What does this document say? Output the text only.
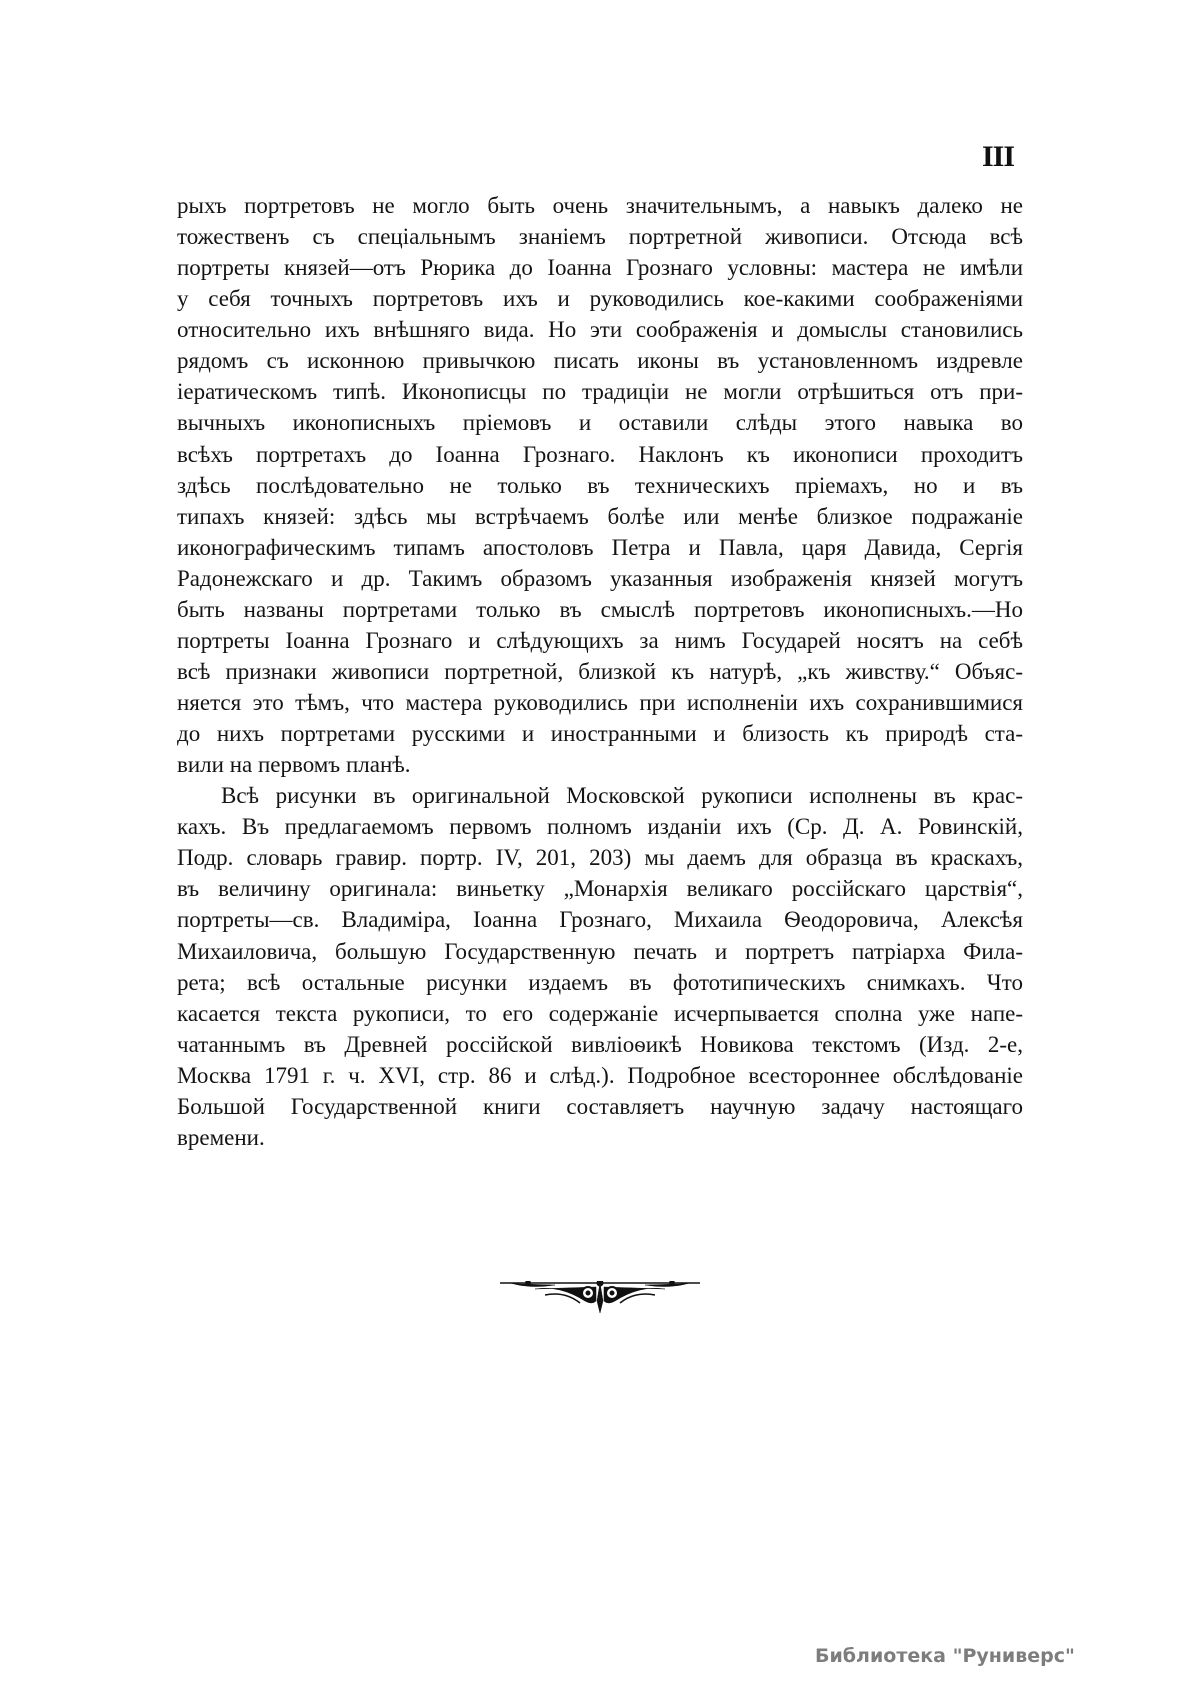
III
рыхъ портретовъ не могло быть очень значительнымъ, а навыкъ далеко не
тожественъ съ спеціальнымъ знаніемъ портретной живописи. Отсюда всѣ
портреты князей—отъ Рюрика до Іоанна Грознаго условны: мастера не имѣли
у себя точныхъ портретовъ ихъ и руководились кое-какими соображеніями
относительно ихъ внѣшняго вида. Но эти соображенія и домыслы становились
рядомъ съ исконною привычкою писать иконы въ установленномъ издревле
іератическомъ типѣ. Иконописцы по традиціи не могли отрѣшиться отъ при-
вычныхъ иконописныхъ пріемовъ и оставили слѣды этого навыка во
всѣхъ портретахъ до Іоанна Грознаго. Наклонъ къ иконописи проходитъ
здѣсь послѣдовательно не только въ техническихъ пріемахъ, но и въ
типахъ князей: здѣсь мы встрѣчаемъ болѣе или менѣе близкое подражаніе
иконографическимъ типамъ апостоловъ Петра и Павла, царя Давида, Сергія
Радонежскаго и др. Такимъ образомъ указанныя изображенія князей могутъ
быть названы портретами только въ смыслѣ портретовъ иконописныхъ.—Но
портреты Іоанна Грознаго и слѣдующихъ за нимъ Государей носятъ на себѣ
всѣ признаки живописи портретной, близкой къ натурѣ, „къ живству.“ Объяс-
няется это тѣмъ, что мастера руководились при исполненіи ихъ сохранившимися
до нихъ портретами русскими и иностранными и близость къ природѣ ста-
вили на первомъ планѣ.
Всѣ рисунки въ оригинальной Московской рукописи исполнены въ крас-
кахъ. Въ предлагаемомъ первомъ полномъ изданіи ихъ (Ср. Д. А. Ровинскій,
Подр. словарь гравир. портр. IV, 201, 203) мы даемъ для образца въ краскахъ,
въ величину оригинала: виньетку „Монархія великаго россійскаго царствія“,
портреты—св. Владиміра, Іоанна Грознаго, Михаила Ѳеодоровича, Алексѣя
Михаиловича, большую Государственную печать и портретъ патріарха Фила-
рета; всѣ остальные рисунки издаемъ въ фототипическихъ снимкахъ. Что
касается текста рукописи, то его содержаніе исчерпывается сполна уже напе-
чатаннымъ въ Древней россійской вивліоѳикѣ Новикова текстомъ (Изд. 2-е,
Москва 1791 г. ч. XVI, стр. 86 и слѣд.). Подробное всестороннее обслѣдованіе
Большой Государственной книги составляетъ научную задачу настоящаго
времени.
Библиотека "Руниверс"
